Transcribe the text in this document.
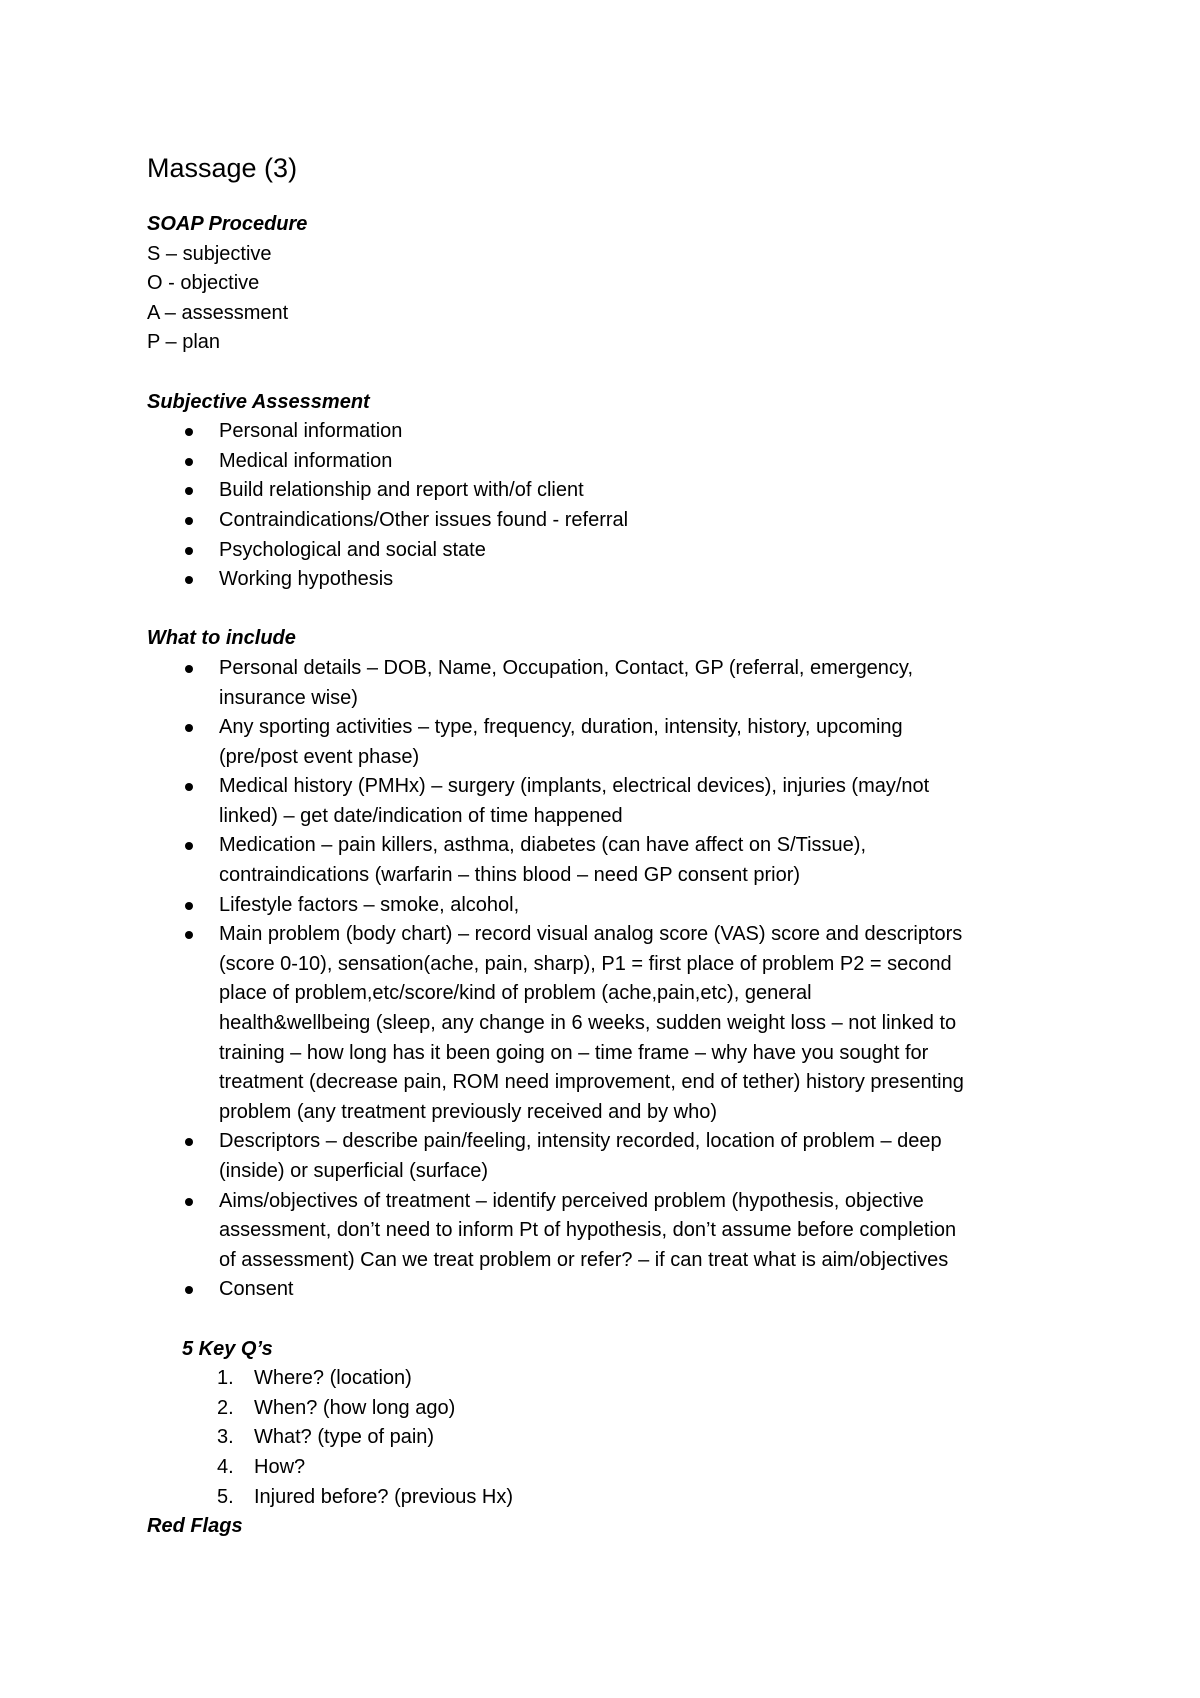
Massage (3)
SOAP Procedure
S – subjective
O - objective
A – assessment
P – plan
Subjective Assessment
Personal information
Medical information
Build relationship and report with/of client
Contraindications/Other issues found - referral
Psychological and social state
Working hypothesis
What to include
Personal details – DOB, Name, Occupation, Contact, GP (referral, emergency,
insurance wise)
Any sporting activities – type, frequency, duration, intensity, history, upcoming
(pre/post event phase)
Medical history (PMHx) – surgery (implants, electrical devices), injuries (may/not
linked) – get date/indication of time happened
Medication – pain killers, asthma, diabetes (can have affect on S/Tissue),
contraindications (warfarin – thins blood – need GP consent prior)
Lifestyle factors – smoke, alcohol,
Main problem (body chart) – record visual analog score (VAS) score and descriptors
(score 0-10), sensation(ache, pain, sharp), P1 = first place of problem P2 = second
place of problem,etc/score/kind of problem (ache,pain,etc), general
health&wellbeing (sleep, any change in 6 weeks, sudden weight loss – not linked to
training – how long has it been going on – time frame – why have you sought for
treatment (decrease pain, ROM need improvement, end of tether) history presenting
problem (any treatment previously received and by who)
Descriptors – describe pain/feeling, intensity recorded, location of problem – deep
(inside) or superficial (surface)
Aims/objectives of treatment – identify perceived problem (hypothesis, objective
assessment, don’t need to inform Pt of hypothesis, don’t assume before completion
of assessment) Can we treat problem or refer? – if can treat what is aim/objectives
Consent
5 Key Q’s
1. Where? (location)
2. When? (how long ago)
3. What? (type of pain)
4. How?
5. Injured before? (previous Hx)
Red Flags
